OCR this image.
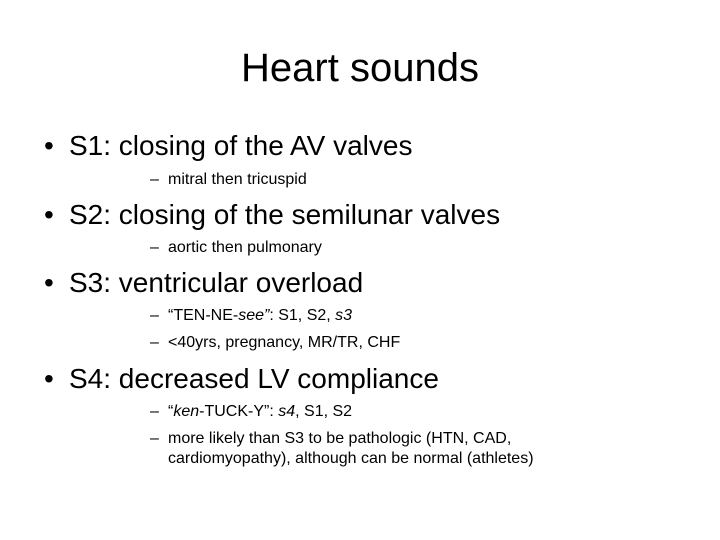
Heart sounds
• S1: closing of the AV valves
– mitral then tricuspid
• S2: closing of the semilunar valves
– aortic then pulmonary
• S3: ventricular overload
– “TEN-NE-see”: S1, S2, s3
– <40yrs, pregnancy, MR/TR, CHF
• S4: decreased LV compliance
– “ken-TUCK-Y”: s4, S1, S2
– more likely than S3 to be pathologic (HTN, CAD,
cardiomyopathy), although can be normal (athletes)
